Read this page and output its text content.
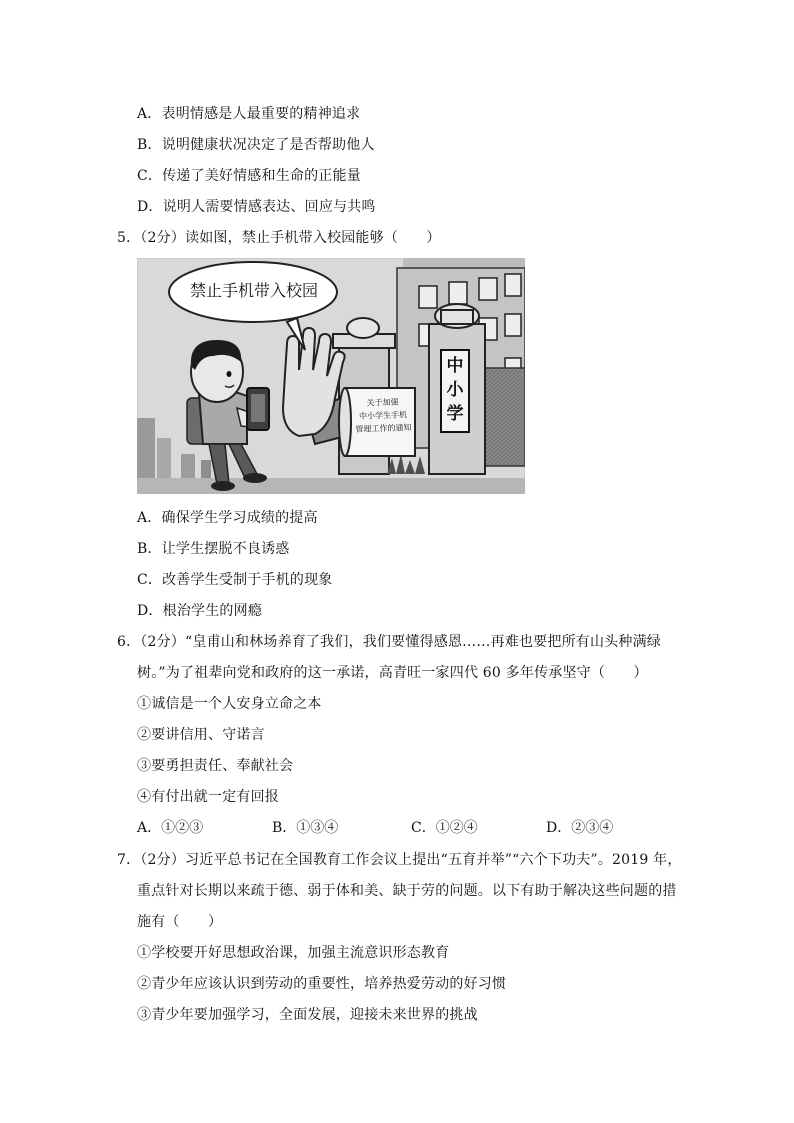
A．表明情感是人最重要的精神追求
B．说明健康状况决定了是否帮助他人
C．传递了美好情感和生命的正能量
D．说明人需要情感表达、回应与共鸣
5．（2分）读如图，禁止手机带入校园能够（　　）
禁止手机带入校园
中
小
学
关于加强
中小学生手机
管理工作的通知
A．确保学生学习成绩的提高
B．让学生摆脱不良诱惑
C．改善学生受制于手机的现象
D．根治学生的网瘾
6．（2分）“皇甫山和林场养育了我们，我们要懂得感恩……再难也要把所有山头种满绿
树。”为了祖辈向党和政府的这一承诺，高青旺一家四代 60 多年传承坚守（　　）
①诚信是一个人安身立命之本
②要讲信用、守诺言
③要勇担责任、奉献社会
④有付出就一定有回报
A．①②③	B．①③④	C．①②④	D．②③④
7．（2分）习近平总书记在全国教育工作会议上提出“五育并举”“六个下功夫”。2019 年，
重点针对长期以来疏于德、弱于体和美、缺于劳的问题。以下有助于解决这些问题的措
施有（　　）
①学校要开好思想政治课，加强主流意识形态教育
②青少年应该认识到劳动的重要性，培养热爱劳动的好习惯
③青少年要加强学习，全面发展，迎接未来世界的挑战
